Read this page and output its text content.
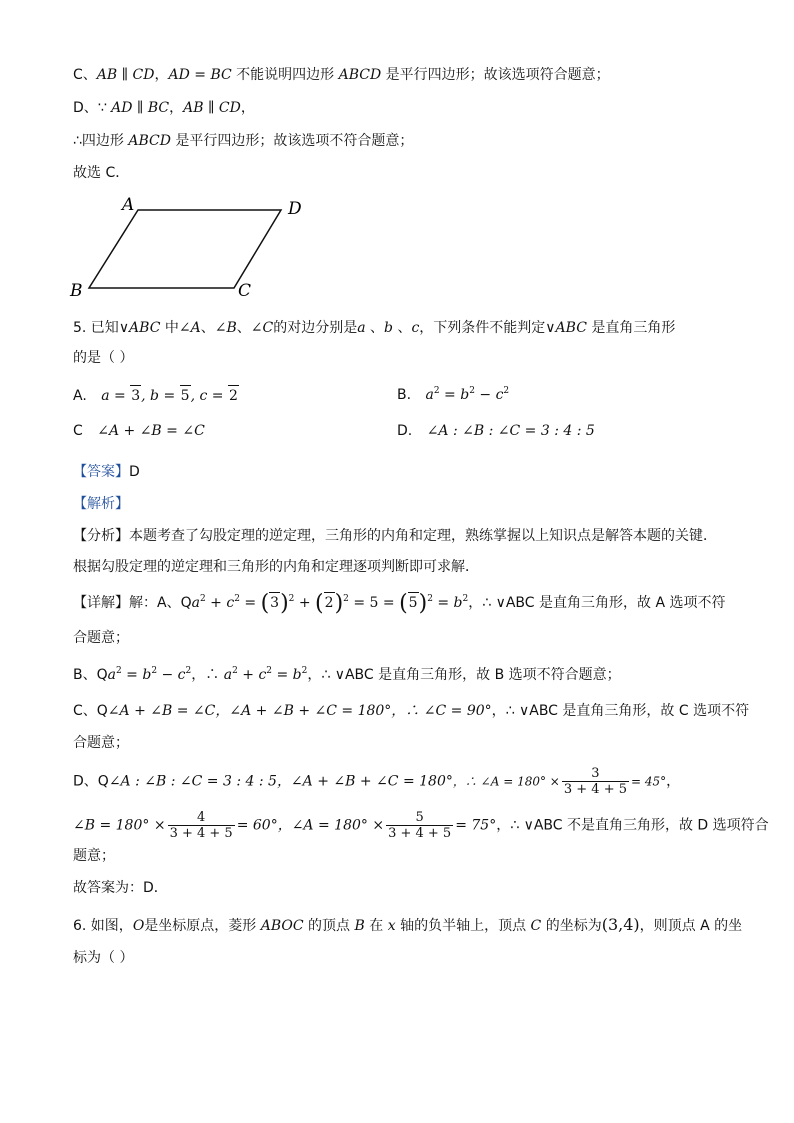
C、AB ∥ CD，AD = BC 不能说明四边形 ABCD 是平行四边形；故该选项符合题意；
D、∵ AD ∥ BC，AB ∥ CD，
∴四边形 ABCD 是平行四边形；故该选项不符合题意；
故选 C．
A	D
B	C
5. 已知∨ABC 中∠A、∠B、∠C的对边分别是a 、b 、c，下列条件不能判定∨ABC 是直角三角形
的是（ ）
A. a = 3, b = 5, c = 2	B. $a^2 = b^2 - c^2$
C ∠A + ∠B = ∠C	D. ∠A : ∠B : ∠C = 3 : 4 : 5
【答案】D
【解析】
【分析】本题考查了勾股定理的逆定理，三角形的内角和定理，熟练掌握以上知识点是解答本题的关键．
根据勾股定理的逆定理和三角形的内角和定理逐项判断即可求解．
【详解】解：A、$Qa^2 + c^2 = (3)^2 + (2)^2 = 5 = (5)^2 = b^2$，∴ ∨ABC 是直角三角形，故 A 选项不符
合题意；
B、$Qa^2 = b^2 - c^2$，∴ $a^2 + c^2 = b^2$，∴ ∨ABC 是直角三角形，故 B 选项不符合题意；
C、Q∠A + ∠B = ∠C，∠A + ∠B + ∠C = 180°，∴ ∠C = 90°，∴ ∨ABC 是直角三角形，故 C 选项不符
合题意；
D、Q∠A : ∠B : ∠C = 3 : 4 : 5，∠A + ∠B + ∠C = 180°，∴ ∠A = $180^\circ \times \frac{3}{3 + 4 + 5} = 45^\circ$，
∠B = $180^\circ \times \frac{4}{3 + 4 + 5} = 60^\circ$，∠A = $180^\circ \times \frac{5}{3 + 4 + 5} = 75^\circ$，∴ ∨ABC 不是直角三角形，故 D 选项符合
题意；
故答案为：D．
6. 如图，O是坐标原点，菱形 ABOC 的顶点 B 在 x 轴的负半轴上，顶点 C 的坐标为(3,4)，则顶点 A 的坐
标为（ ）
